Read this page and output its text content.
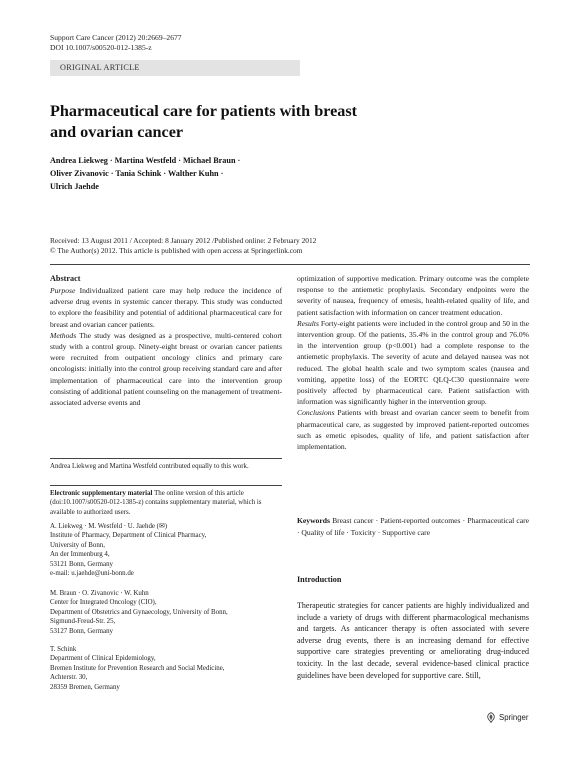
Support Care Cancer (2012) 20:2669–2677
DOI 10.1007/s00520-012-1385-z
ORIGINAL ARTICLE
Pharmaceutical care for patients with breast
and ovarian cancer
Andrea Liekweg · Martina Westfeld · Michael Braun ·
Oliver Zivanovic · Tania Schink · Walther Kuhn ·
Ulrich Jaehde
Received: 13 August 2011 / Accepted: 8 January 2012 /Published online: 2 February 2012
© The Author(s) 2012. This article is published with open access at Springerlink.com
Abstract

Purpose Individualized patient care may help reduce the incidence of adverse drug events in systemic cancer therapy. This study was conducted to explore the feasibility and potential of additional pharmaceutical care for breast and ovarian cancer patients.

Methods The study was designed as a prospective, multi-centered cohort study with a control group. Ninety-eight breast or ovarian cancer patients were recruited from outpatient oncology clinics and primary care oncologists: initially into the control group receiving standard care and after implementation of pharmaceutical care into the intervention group consisting of additional patient counseling on the management of treatment-associated adverse events and

Andrea Liekweg and Martina Westfeld contributed equally to this work.

Electronic supplementary material The online version of this article (doi:10.1007/s00520-012-1385-z) contains supplementary material, which is available to authorized users.

A. Liekweg · M. Westfeld · U. Jaehde (✉)
Institute of Pharmacy, Department of Clinical Pharmacy,
University of Bonn,
An der Immenburg 4,
53121 Bonn, Germany
e-mail: u.jaehde@uni-bonn.de
M. Braun · O. Zivanovic · W. Kuhn
Center for Integrated Oncology (CIO),
Department of Obstetrics and Gynaecology, University of Bonn,
Sigmund-Freud-Str. 25,
53127 Bonn, Germany
T. Schink
Department of Clinical Epidemiology,
Bremen Institute for Prevention Research and Social Medicine,
Achterstr. 30,
28359 Bremen, Germany

optimization of supportive medication. Primary outcome was the complete response to the antiemetic prophylaxis. Secondary endpoints were the severity of nausea, frequency of emesis, health-related quality of life, and patient satisfaction with information on cancer treatment education.

Results Forty-eight patients were included in the control group and 50 in the intervention group. Of the patients, 35.4% in the control group and 76.0% in the intervention group (p<0.001) had a complete response to the antiemetic prophylaxis. The severity of acute and delayed nausea was not reduced. The global health scale and two symptom scales (nausea and vomiting, appetite loss) of the EORTC QLQ-C30 questionnaire were positively affected by pharmaceutical care. Patient satisfaction with information was significantly higher in the intervention group.

Conclusions Patients with breast and ovarian cancer seem to benefit from pharmaceutical care, as suggested by improved patient-reported outcomes such as emetic episodes, quality of life, and patient satisfaction after implementation.

Keywords Breast cancer · Patient-reported outcomes · Pharmaceutical care · Quality of life · Toxicity · Supportive care
Introduction
Therapeutic strategies for cancer patients are highly individualized and include a variety of drugs with different pharmacological mechanisms and targets. As anticancer therapy is often associated with severe adverse drug events, there is an increasing demand for effective supportive care strategies preventing or ameliorating drug-induced toxicity. In the last decade, several evidence-based clinical practice guidelines have been developed for supportive care. Still,
Springer
